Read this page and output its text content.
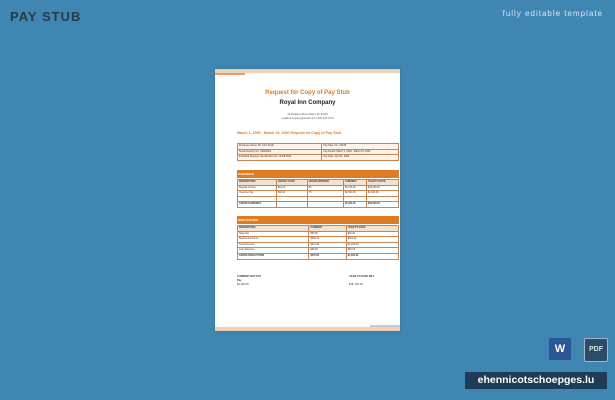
PAY STUB	fully editable template
Request for Copy of Pay Stub
Royal Inn Company
42 Parklane Drive Miami, FL 33133
royalinncompany@email.com | 305 444 7270
March 1, 2050 - March 15, 2050 Request for Copy of Pay Stub
Employee Name: Mr. John Smith	Pay Date: No.: 00115
Social Security No.: 09000001	Pay Period: March 1, 2050 - March 15, 2050
Individual Taxpayer Identification No: 12345 6543	Pay Date: April 31, 2050
EARNINGS
DESCRIPTION	HOURLY RATE	HOURS WORKED	CURRENT	YEAR TO DATE
Regular Income	$12.00	80	$1,125.00	$18,000.00
Overtime Pay	$18.00	75	$1,500.00	$1,500.00

GROSS EARNINGS			$2,625.00	$19,500.00
DEDUCTIONS
DESCRIPTION	CURRENT	YEAR TO DATE
State Tax	$50.00	$51.00
Medical Insurance	$300.00	$301.00
Social Security	$210.00	$1,200.00
Loan Payment	$45.00	$45.00
GROSS DEDUCTIONS	$475.00	$1,600.00
CURRENT NET PAY
Pay
$2,150.00
YEAR TO DATE NET

$18, 100.00
W	PDF
ehennicotschoepges.lu
